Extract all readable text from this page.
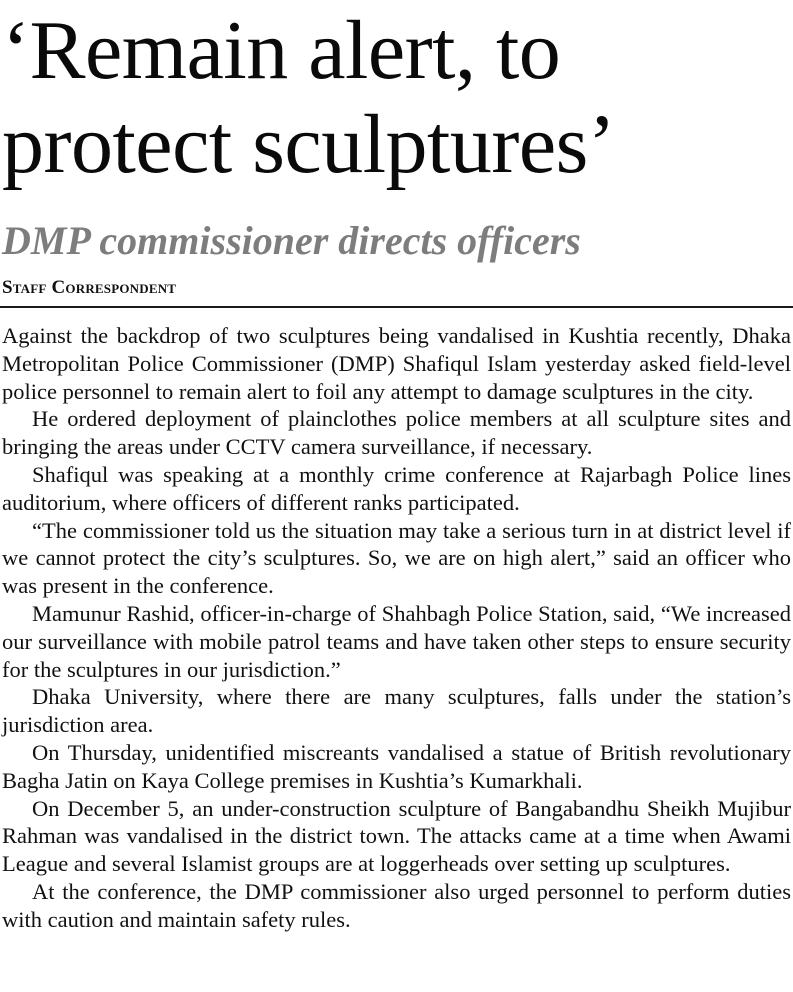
‘Remain alert, to
protect sculptures’
DMP commissioner directs officers
Staff Correspondent

Against the backdrop of two sculptures being vandalised in Kushtia recently, Dhaka Metropolitan Police Commissioner (DMP) Shafiqul Islam yesterday asked field-level police personnel to remain alert to foil any attempt to damage sculptures in the city.

He ordered deployment of plainclothes police members at all sculpture sites and bringing the areas under CCTV camera surveillance, if necessary.

Shafiqul was speaking at a monthly crime conference at Rajarbagh Police lines auditorium, where officers of different ranks participated.

“The commissioner told us the situation may take a serious turn in at district level if we cannot protect the city’s sculptures. So, we are on high alert,” said an officer who was present in the conference.

Mamunur Rashid, officer-in-charge of Shahbagh Police Station, said, “We increased our surveillance with mobile patrol teams and have taken other steps to ensure security for the sculptures in our jurisdiction.”

Dhaka University, where there are many sculptures, falls under the station’s jurisdiction area.

On Thursday, unidentified miscreants vandalised a statue of British revolutionary Bagha Jatin on Kaya College premises in Kushtia’s Kumarkhali.

On December 5, an under-construction sculpture of Bangabandhu Sheikh Mujibur Rahman was vandalised in the district town. The attacks came at a time when Awami League and several Islamist groups are at loggerheads over setting up sculptures.

At the conference, the DMP commissioner also urged personnel to perform duties with caution and maintain safety rules.
